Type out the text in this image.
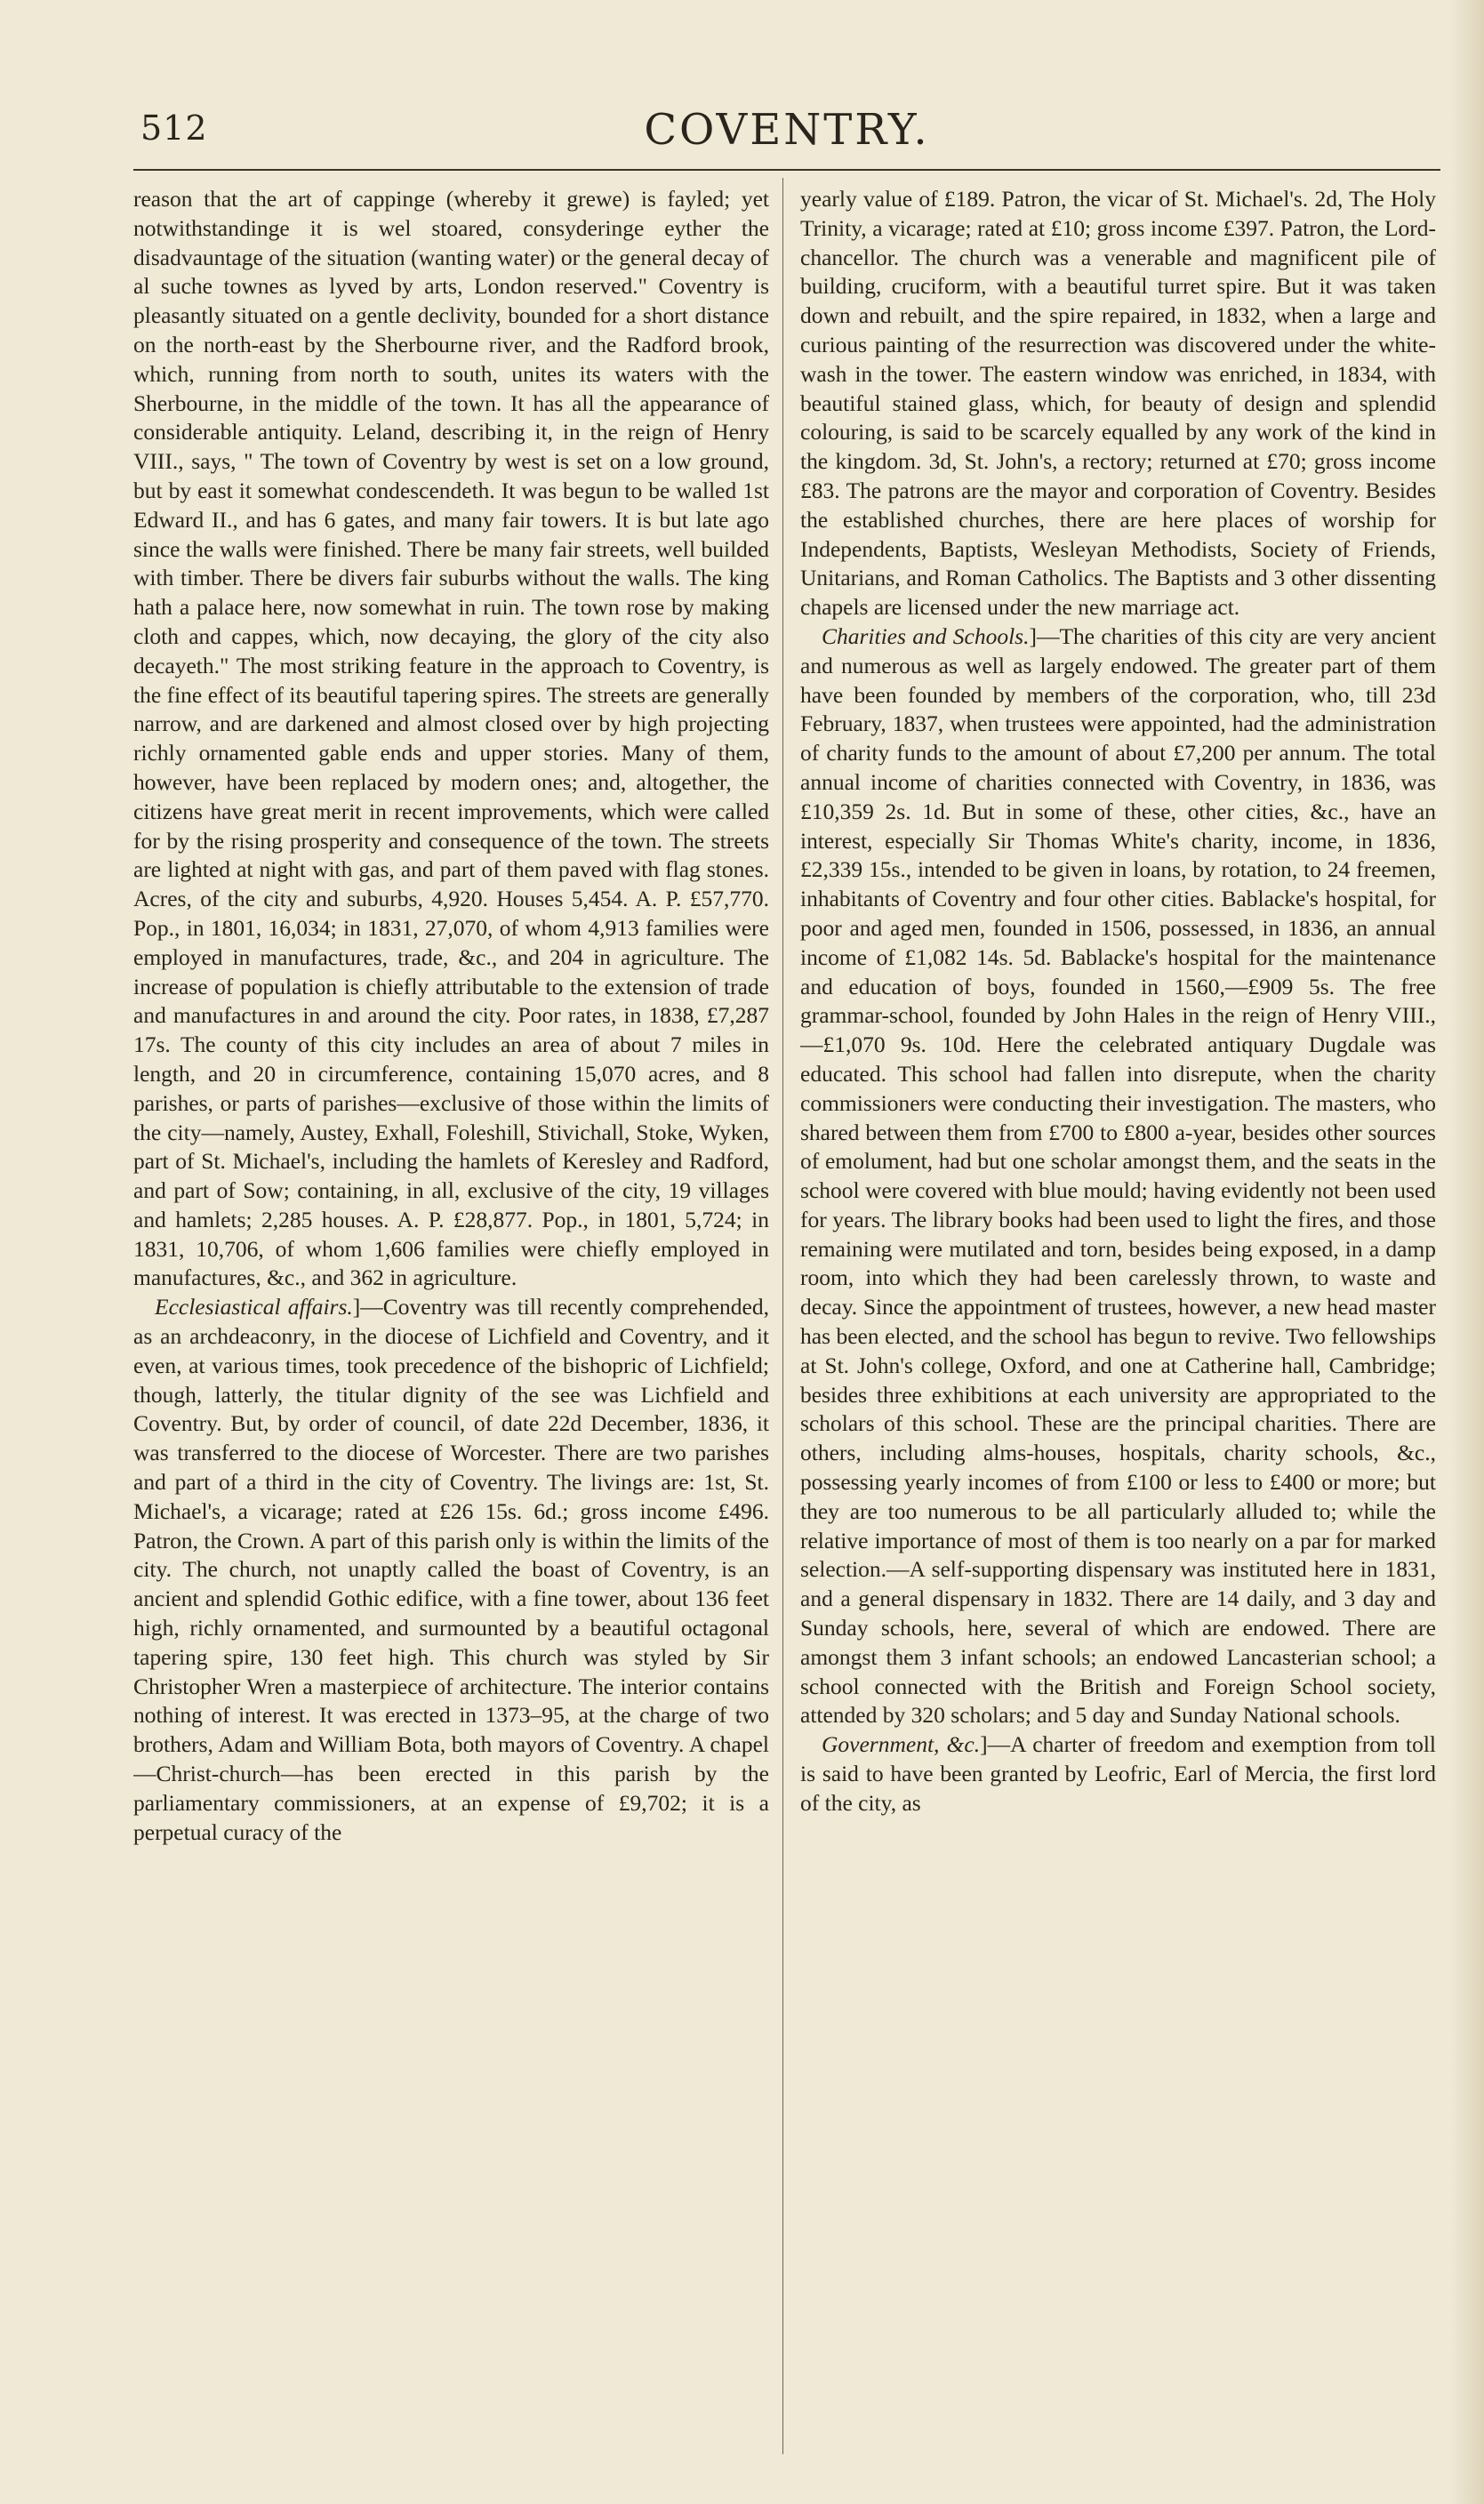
512	COVENTRY.

reason that the art of cappinge (whereby it grewe) is fayled; yet notwithstandinge it is wel stoared, consyderinge eyther the disadvauntage of the situation (wanting water) or the general decay of al suche townes as lyved by arts, London reserved." Coventry is pleasantly situated on a gentle declivity, bounded for a short distance on the north-east by the Sherbourne river, and the Radford brook, which, running from north to south, unites its waters with the Sherbourne, in the middle of the town. It has all the appearance of considerable antiquity. Leland, describing it, in the reign of Henry VIII., says, " The town of Coventry by west is set on a low ground, but by east it somewhat condescendeth. It was begun to be walled 1st Edward II., and has 6 gates, and many fair towers. It is but late ago since the walls were finished. There be many fair streets, well builded with timber. There be divers fair suburbs without the walls. The king hath a palace here, now somewhat in ruin. The town rose by making cloth and cappes, which, now decaying, the glory of the city also decayeth." The most striking feature in the approach to Coventry, is the fine effect of its beautiful tapering spires. The streets are generally narrow, and are darkened and almost closed over by high projecting richly ornamented gable ends and upper stories. Many of them, however, have been replaced by modern ones; and, altogether, the citizens have great merit in recent improvements, which were called for by the rising prosperity and consequence of the town. The streets are lighted at night with gas, and part of them paved with flag stones. Acres, of the city and suburbs, 4,920. Houses 5,454. A. P. £57,770. Pop., in 1801, 16,034; in 1831, 27,070, of whom 4,913 families were employed in manufactures, trade, &c., and 204 in agriculture. The increase of population is chiefly attributable to the extension of trade and manufactures in and around the city. Poor rates, in 1838, £7,287 17s. The county of this city includes an area of about 7 miles in length, and 20 in circumference, containing 15,070 acres, and 8 parishes, or parts of parishes—exclusive of those within the limits of the city—namely, Austey, Exhall, Foleshill, Stivichall, Stoke, Wyken, part of St. Michael's, including the hamlets of Keresley and Radford, and part of Sow; containing, in all, exclusive of the city, 19 villages and hamlets; 2,285 houses. A. P. £28,877. Pop., in 1801, 5,724; in 1831, 10,706, of whom 1,606 families were chiefly employed in manufactures, &c., and 362 in agriculture.

Ecclesiastical affairs.]—Coventry was till recently comprehended, as an archdeaconry, in the diocese of Lichfield and Coventry, and it even, at various times, took precedence of the bishopric of Lichfield; though, latterly, the titular dignity of the see was Lichfield and Coventry. But, by order of council, of date 22d December, 1836, it was transferred to the diocese of Worcester. There are two parishes and part of a third in the city of Coventry. The livings are: 1st, St. Michael's, a vicarage; rated at £26 15s. 6d.; gross income £496. Patron, the Crown. A part of this parish only is within the limits of the city. The church, not unaptly called the boast of Coventry, is an ancient and splendid Gothic edifice, with a fine tower, about 136 feet high, richly ornamented, and surmounted by a beautiful octagonal tapering spire, 130 feet high. This church was styled by Sir Christopher Wren a masterpiece of architecture. The interior contains nothing of interest. It was erected in 1373–95, at the charge of two brothers, Adam and William Bota, both mayors of Coventry. A chapel—Christ-church—has been erected in this parish by the parliamentary commissioners, at an expense of £9,702; it is a perpetual curacy of the

yearly value of £189. Patron, the vicar of St. Michael's. 2d, The Holy Trinity, a vicarage; rated at £10; gross income £397. Patron, the Lord-chancellor. The church was a venerable and magnificent pile of building, cruciform, with a beautiful turret spire. But it was taken down and rebuilt, and the spire repaired, in 1832, when a large and curious painting of the resurrection was discovered under the white-wash in the tower. The eastern window was enriched, in 1834, with beautiful stained glass, which, for beauty of design and splendid colouring, is said to be scarcely equalled by any work of the kind in the kingdom. 3d, St. John's, a rectory; returned at £70; gross income £83. The patrons are the mayor and corporation of Coventry. Besides the established churches, there are here places of worship for Independents, Baptists, Wesleyan Methodists, Society of Friends, Unitarians, and Roman Catholics. The Baptists and 3 other dissenting chapels are licensed under the new marriage act.

Charities and Schools.]—The charities of this city are very ancient and numerous as well as largely endowed. The greater part of them have been founded by members of the corporation, who, till 23d February, 1837, when trustees were appointed, had the administration of charity funds to the amount of about £7,200 per annum. The total annual income of charities connected with Coventry, in 1836, was £10,359 2s. 1d. But in some of these, other cities, &c., have an interest, especially Sir Thomas White's charity, income, in 1836, £2,339 15s., intended to be given in loans, by rotation, to 24 freemen, inhabitants of Coventry and four other cities. Bablacke's hospital, for poor and aged men, founded in 1506, possessed, in 1836, an annual income of £1,082 14s. 5d. Bablacke's hospital for the maintenance and education of boys, founded in 1560,—£909 5s. The free grammar-school, founded by John Hales in the reign of Henry VIII.,—£1,070 9s. 10d. Here the celebrated antiquary Dugdale was educated. This school had fallen into disrepute, when the charity commissioners were conducting their investigation. The masters, who shared between them from £700 to £800 a-year, besides other sources of emolument, had but one scholar amongst them, and the seats in the school were covered with blue mould; having evidently not been used for years. The library books had been used to light the fires, and those remaining were mutilated and torn, besides being exposed, in a damp room, into which they had been carelessly thrown, to waste and decay. Since the appointment of trustees, however, a new head master has been elected, and the school has begun to revive. Two fellowships at St. John's college, Oxford, and one at Catherine hall, Cambridge; besides three exhibitions at each university are appropriated to the scholars of this school. These are the principal charities. There are others, including alms-houses, hospitals, charity schools, &c., possessing yearly incomes of from £100 or less to £400 or more; but they are too numerous to be all particularly alluded to; while the relative importance of most of them is too nearly on a par for marked selection.—A self-supporting dispensary was instituted here in 1831, and a general dispensary in 1832. There are 14 daily, and 3 day and Sunday schools, here, several of which are endowed. There are amongst them 3 infant schools; an endowed Lancasterian school; a school connected with the British and Foreign School society, attended by 320 scholars; and 5 day and Sunday National schools.

Government, &c.]—A charter of freedom and exemption from toll is said to have been granted by Leofric, Earl of Mercia, the first lord of the city, as
